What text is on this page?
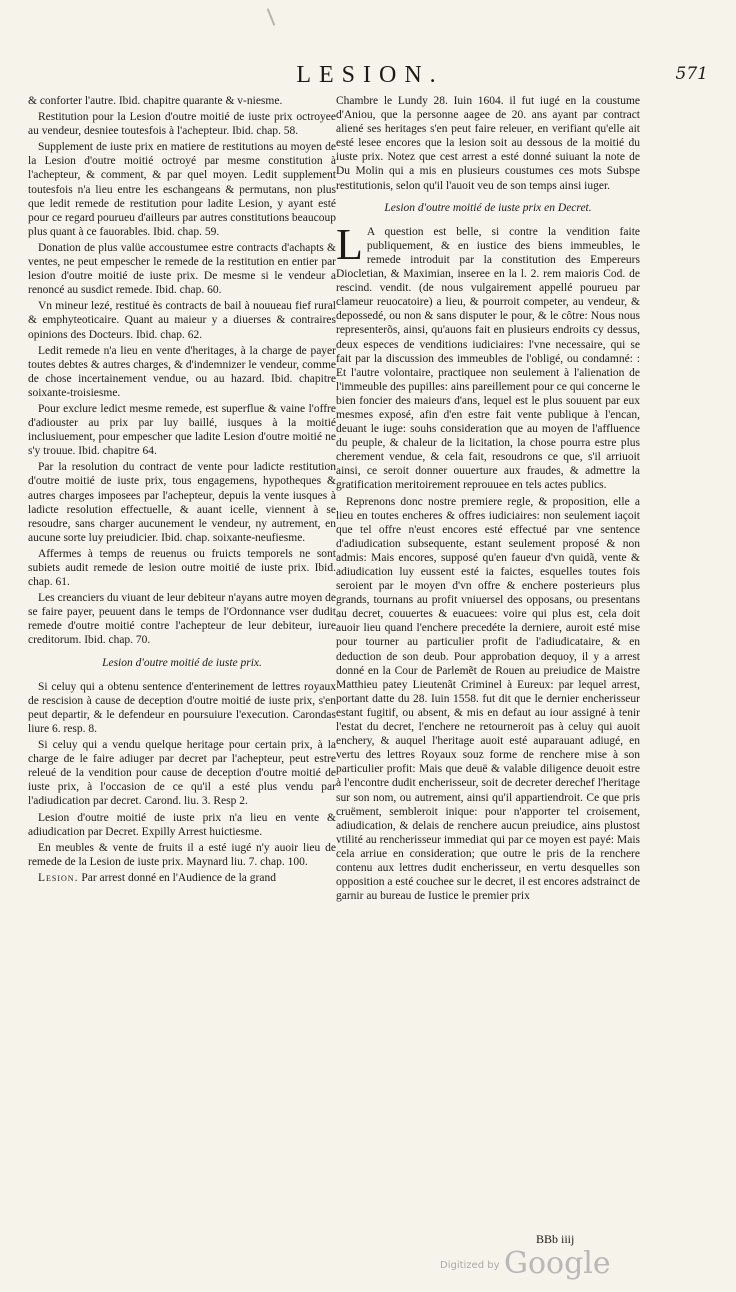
LESION.	571

& conforter l'autre. Ibid. chapitre quarante & v-niesme.

Restitution pour la Lesion d'outre moitié de iuste prix octroyee au vendeur, desniee toutesfois à l'achepteur. Ibid. chap. 58.

Supplement de iuste prix en matiere de restitutions au moyen de la Lesion d'outre moitié octroyé par mesme constitution à l'achepteur, & comment, & par quel moyen. Ledit supplement toutesfois n'a lieu entre les eschangeans & permutans, non plus que ledit remede de restitution pour ladite Lesion, y ayant esté pour ce regard pourueu d'ailleurs par autres constitutions beaucoup plus quant à ce fauorables. Ibid. chap. 59.

Donation de plus valüe accoustumee estre contracts d'achapts & ventes, ne peut empescher le remede de la restitution en entier par lesion d'outre moitié de iuste prix. De mesme si le vendeur a renoncé au susdict remede. Ibid. chap. 60.

Vn mineur lezé, restitué ès contracts de bail à nouueau fief rural & emphyteoticaire. Quant au maieur y a diuerses & contraires opinions des Docteurs. Ibid. chap. 62.

Ledit remede n'a lieu en vente d'heritages, à la charge de payer toutes debtes & autres charges, & d'indemnizer le vendeur, comme de chose incertainement vendue, ou au hazard. Ibid. chapitre soixante-troisiesme.

Pour exclure ledict mesme remede, est superflue & vaine l'offre d'adiouster au prix par luy baillé, iusques à la moitié inclusiuement, pour empescher que ladite Lesion d'outre moitié ne s'y trouue. Ibid. chapitre 64.

Par la resolution du contract de vente pour ladicte restitution d'outre moitié de iuste prix, tous engagemens, hypotheques & autres charges imposees par l'achepteur, depuis la vente iusques à ladicte resolution effectuelle, & auant icelle, viennent à se resoudre, sans charger aucunement le vendeur, ny autrement, en aucune sorte luy preiudicier. Ibid. chap. soixante-neufiesme.

Affermes à temps de reuenus ou fruicts temporels ne sont subiets audit remede de lesion outre moitié de iuste prix. Ibid. chap. 61.

Les creanciers du viuant de leur debiteur n'ayans autre moyen de se faire payer, peuuent dans le temps de l'Ordonnance vser dudit remede d'outre moitié contre l'achepteur de leur debiteur, iure creditorum. Ibid. chap. 70.

Lesion d'outre moitié de iuste prix.

Si celuy qui a obtenu sentence d'enterinement de lettres royaux de rescision à cause de deception d'outre moitié de iuste prix, s'en peut departir, & le defendeur en poursuiure l'execution. Carondas liure 6. resp. 8.

Si celuy qui a vendu quelque heritage pour certain prix, à la charge de le faire adiuger par decret par l'achepteur, peut estre releué de la vendition pour cause de deception d'outre moitié de iuste prix, à l'occasion de ce qu'il a esté plus vendu par l'adiudication par decret. Carond. liu. 3. Resp 2.

Lesion d'outre moitié de iuste prix n'a lieu en vente & adiudication par Decret. Expilly Arrest huictiesme.

En meubles & vente de fruits il a esté iugé n'y auoir lieu de remede de la Lesion de iuste prix. Maynard liu. 7. chap. 100.

Lesion. Par arrest donné en l'Audience de la grand

Chambre le Lundy 28. Iuin 1604. il fut iugé en la coustume d'Aniou, que la personne aagee de 20. ans ayant par contract aliené ses heritages s'en peut faire releuer, en verifiant qu'elle ait esté lesee encores que la lesion soit au dessous de la moitié du iuste prix. Notez que cest arrest a esté donné suiuant la note de Du Molin qui a mis en plusieurs coustumes ces mots Subspe restitutionis, selon qu'il l'auoit veu de son temps ainsi iuger.

Lesion d'outre moitié de iuste prix en Decret.

L A question est belle, si contre la vendition faite publiquement, & en iustice des biens immeubles, le remede introduit par la constitution des Empereurs Diocletian, & Maximian, inseree en la l. 2. rem maioris Cod. de rescind. vendit. (de nous vulgairement appellé pourueu par clameur reuocatoire) a lieu, & pourroit competer, au vendeur, & depossedé, ou non & sans disputer le pour, & le côtre: Nous nous representerõs, ainsi, qu'auons fait en plusieurs endroits cy dessus, deux especes de venditions iudiciaires: l'vne necessaire, qui se fait par la discussion des immeubles de l'obligé, ou condamné: : Et l'autre volontaire, practiquee non seulement à l'alienation de l'immeuble des pupilles: ains pareillement pour ce qui concerne le bien foncier des maieurs d'ans, lequel est le plus souuent par eux mesmes exposé, afin d'en estre fait vente publique à l'encan, deuant le iuge: souhs consideration que au moyen de l'affluence du peuple, & chaleur de la licitation, la chose pourra estre plus cherement vendue, & cela fait, resoudrons ce que, s'il arriuoit ainsi, ce seroit donner ouuerture aux fraudes, & admettre la gratification meritoirement reprouuee en tels actes publics.

Reprenons donc nostre premiere regle, & proposition, elle a lieu en toutes encheres & offres iudiciaires: non seulement iaçoit que tel offre n'eust encores esté effectué par vne sentence d'adiudication subsequente, estant seulement proposé & non admis: Mais encores, supposé qu'en faueur d'vn quidã, vente & adiudication luy eussent esté ia faictes, esquelles toutes fois seroient par le moyen d'vn offre & enchere posterieurs plus grands, tournans au profit vniuersel des opposans, ou presentans au decret, couuertes & euacuees: voire qui plus est, cela doit auoir lieu quand l'enchere precedéte la derniere, auroit esté mise pour tourner au particulier profit de l'adiudicataire, & en deduction de son deub. Pour approbation dequoy, il y a arrest donné en la Cour de Parlemẽt de Rouen au preiudice de Maistre Matthieu patey Lieutenãt Criminel à Eureux: par lequel arrest, portant datte du 28. Iuin 1558. fut dit que le dernier encherisseur estant fugitif, ou absent, & mis en defaut au iour assigné à tenir l'estat du decret, l'enchere ne retourneroit pas à celuy qui auoit enchery, & auquel l'heritage auoit esté auparauant adiugé, en vertu des lettres Royaux souz forme de renchere mise à son particulier profit: Mais que deuë & valable diligence deuoit estre à l'encontre dudit encherisseur, soit de decreter derechef l'heritage sur son nom, ou autrement, ainsi qu'il appartiendroit. Ce que pris cruëment, sembleroit inique: pour n'apporter tel croisement, adiudication, & delais de renchere aucun preiudice, ains plustost vtilité au rencherisseur immediat qui par ce moyen est payé: Mais cela arriue en consideration; que outre le pris de la renchere contenu aux lettres dudit encherisseur, en vertu desquelles son opposition a esté couchee sur le decret, il est encores adstrainct de garnir au bureau de Iustice le premier prix

BBb iiij
Digitized by Google
